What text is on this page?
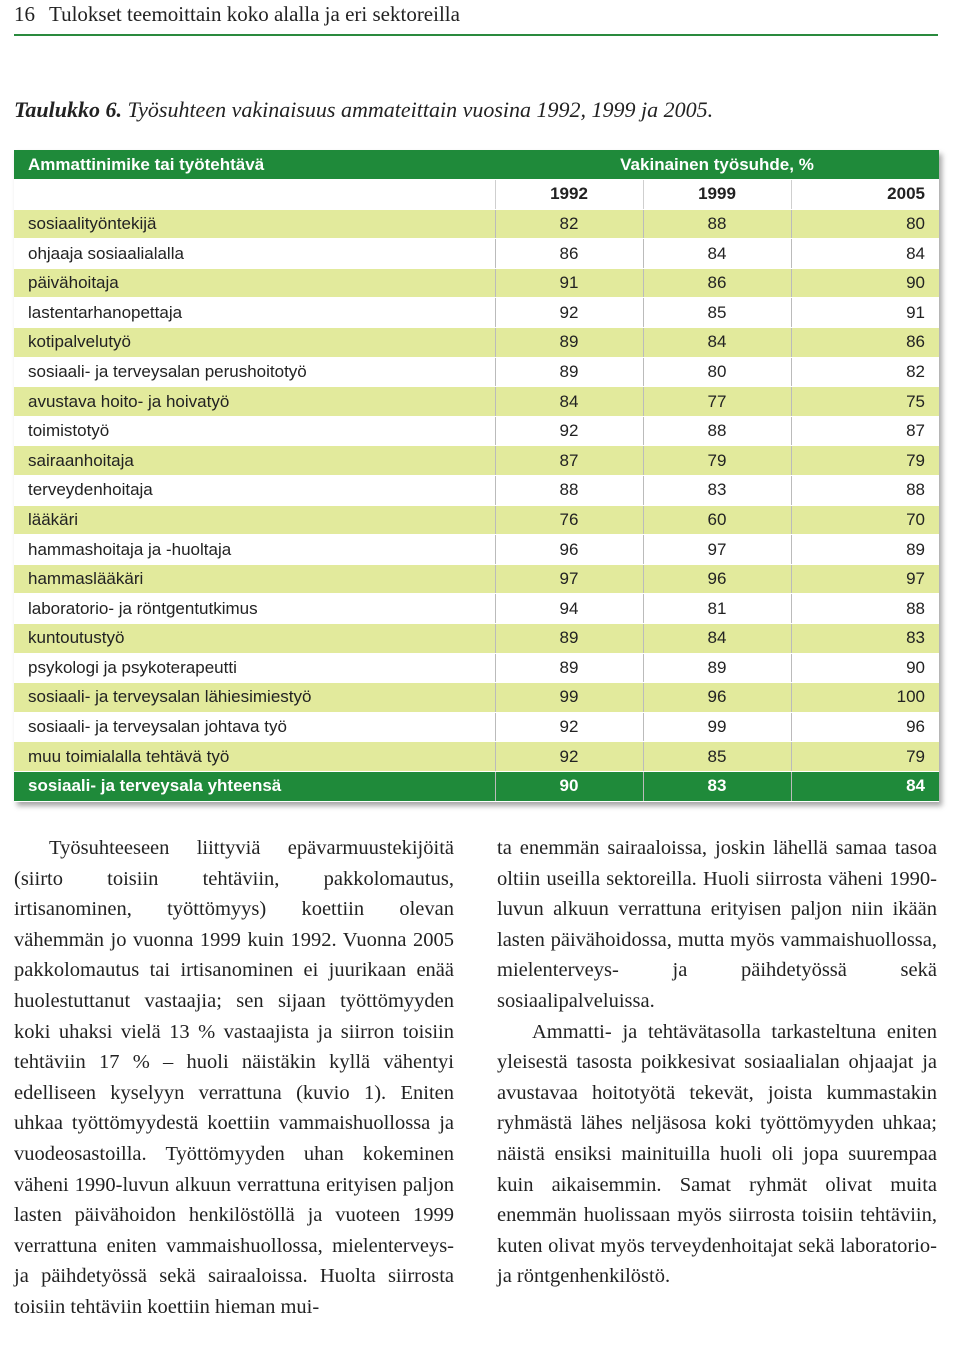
16 Tulokset teemoittain koko alalla ja eri sektoreilla
Taulukko 6. Työsuhteen vakinaisuus ammateittain vuosina 1992, 1999 ja 2005.
Ammattinimike tai työtehtävä	Vakinainen työsuhde, %		
	1992	1999	2005
sosiaalityöntekijä	82	88	80
ohjaaja sosiaalialalla	86	84	84
päivähoitaja	91	86	90
lastentarhanopettaja	92	85	91
kotipalvelutyö	89	84	86
sosiaali- ja terveysalan perushoitotyö	89	80	82
avustava hoito- ja hoivatyö	84	77	75
toimistotyö	92	88	87
sairaanhoitaja	87	79	79
terveydenhoitaja	88	83	88
lääkäri	76	60	70
hammashoitaja ja -huoltaja	96	97	89
hammaslääkäri	97	96	97
laboratorio- ja röntgentutkimus	94	81	88
kuntoutustyö	89	84	83
psykologi ja psykoterapeutti	89	89	90
sosiaali- ja terveysalan lähiesimiestyö	99	96	100
sosiaali- ja terveysalan johtava työ	92	99	96
muu toimialalla tehtävä työ	92	85	79
sosiaali- ja terveysala yhteensä	90	83	84

Työsuhteeseen liittyviä epävarmuustekijöitä (siirto toisiin tehtäviin, pakkolomautus, irtisanominen, työttömyys) koettiin olevan vähemmän jo vuonna 1999 kuin 1992. Vuonna 2005 pakkolomautus tai irtisanominen ei juurikaan enää huolestuttanut vastaajia; sen sijaan työttömyyden koki uhaksi vielä 13 % vastaajista ja siirron toisiin tehtäviin 17 % – huoli näistäkin kyllä vähentyi edelliseen kyselyyn verrattuna (kuvio 1). Eniten uhkaa työttömyydestä koettiin vammaishuollossa ja vuodeosastoilla. Työttömyyden uhan kokeminen väheni 1990-luvun alkuun verrattuna erityisen paljon lasten päivähoidon henkilöstöllä ja vuoteen 1999 verrattuna eniten vammaishuollossa, mielenterveys- ja päihdetyössä sekä sairaaloissa. Huolta siirrosta toisiin tehtäviin koettiin hieman mui-

ta enemmän sairaaloissa, joskin lähellä samaa tasoa oltiin useilla sektoreilla. Huoli siirrosta väheni 1990-luvun alkuun verrattuna erityisen paljon niin ikään lasten päivähoidossa, mutta myös vammaishuollossa, mielenterveys- ja päihdetyössä sekä sosiaalipalveluissa.

Ammatti- ja tehtävätasolla tarkasteltuna eniten yleisestä tasosta poikkesivat sosiaalialan ohjaajat ja avustavaa hoitotyötä tekevät, joista kummastakin ryhmästä lähes neljäsosa koki työttömyyden uhkaa; näistä ensiksi mainituilla huoli oli jopa suurempaa kuin aikaisemmin. Samat ryhmät olivat muita enemmän huolissaan myös siirrosta toisiin tehtäviin, kuten olivat myös terveydenhoitajat sekä laboratorio- ja röntgenhenkilöstö.
